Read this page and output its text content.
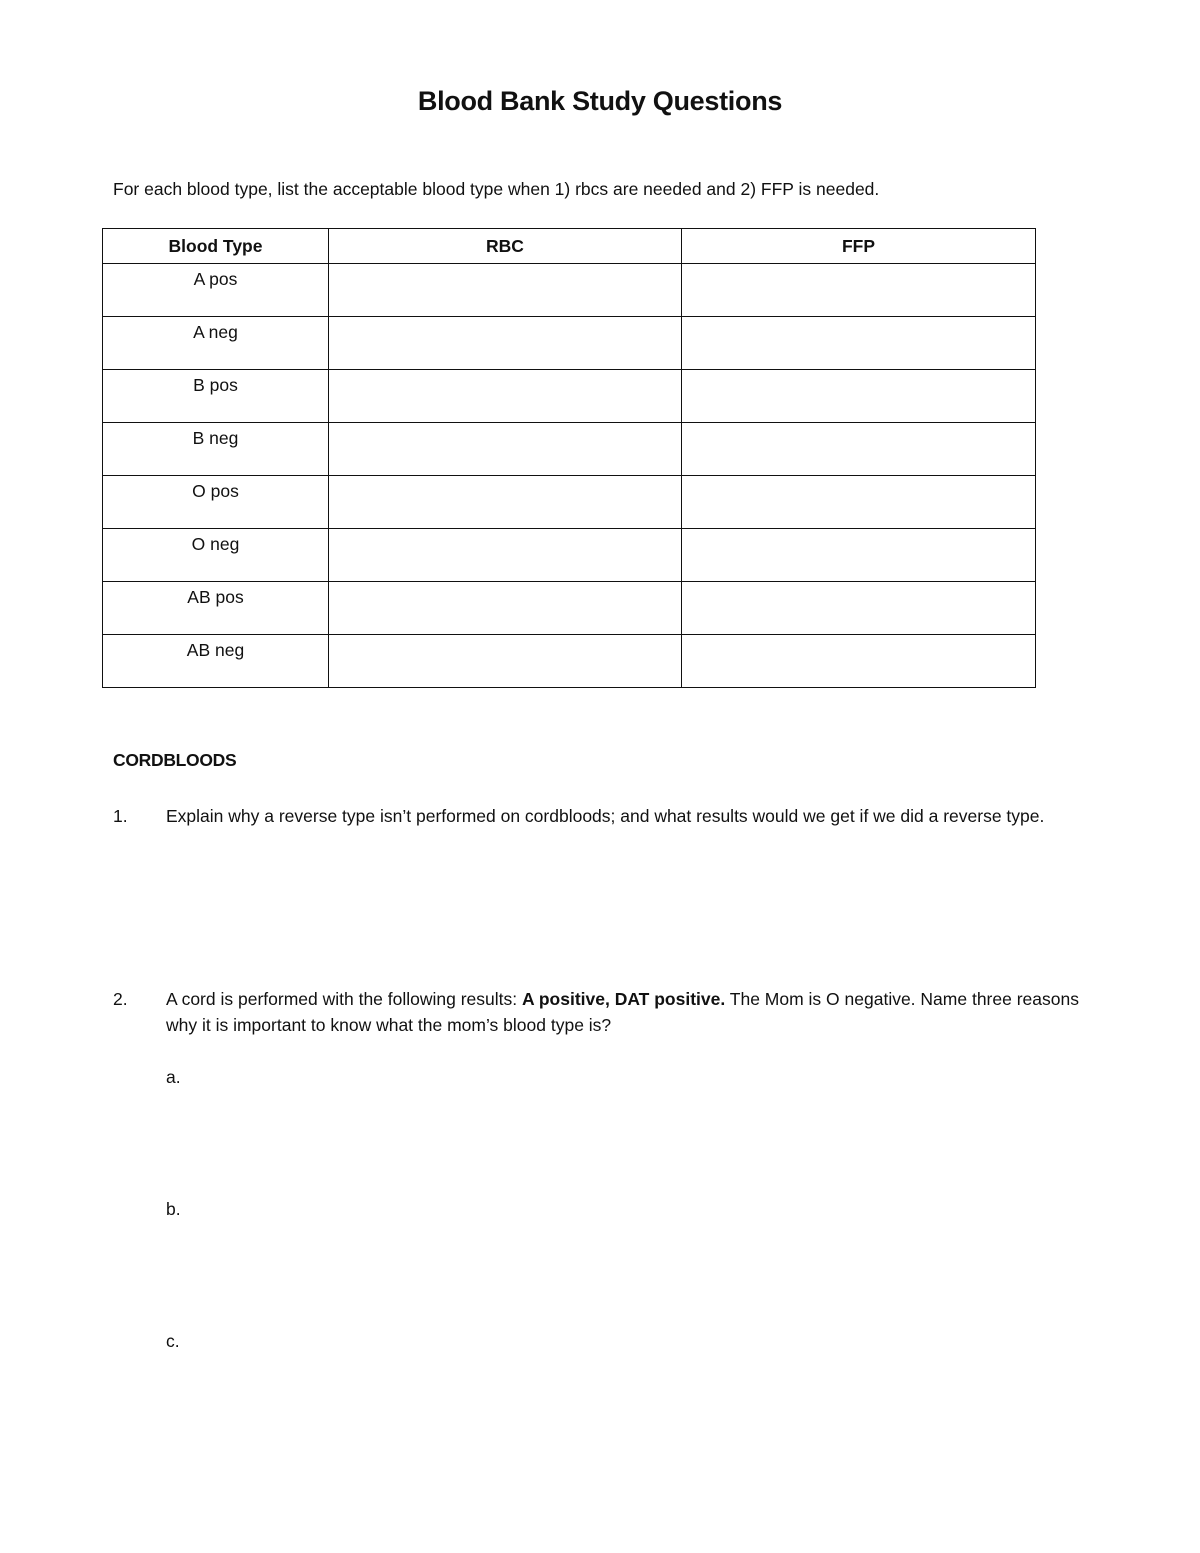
Blood Bank Study Questions
For each blood type, list the acceptable blood type when 1) rbcs are needed and 2) FFP is needed.
Blood Type	RBC	FFP
A pos		
A neg		
B pos		
B neg		
O pos		
O neg		
AB pos		
AB neg		
CORDBLOODS
1. Explain why a reverse type isn’t performed on cordbloods; and what results would we get if we did a reverse type.
2. A cord is performed with the following results: A positive, DAT positive. The Mom is O negative. Name three reasons why it is important to know what the mom’s blood type is?
a.
b.
c.
